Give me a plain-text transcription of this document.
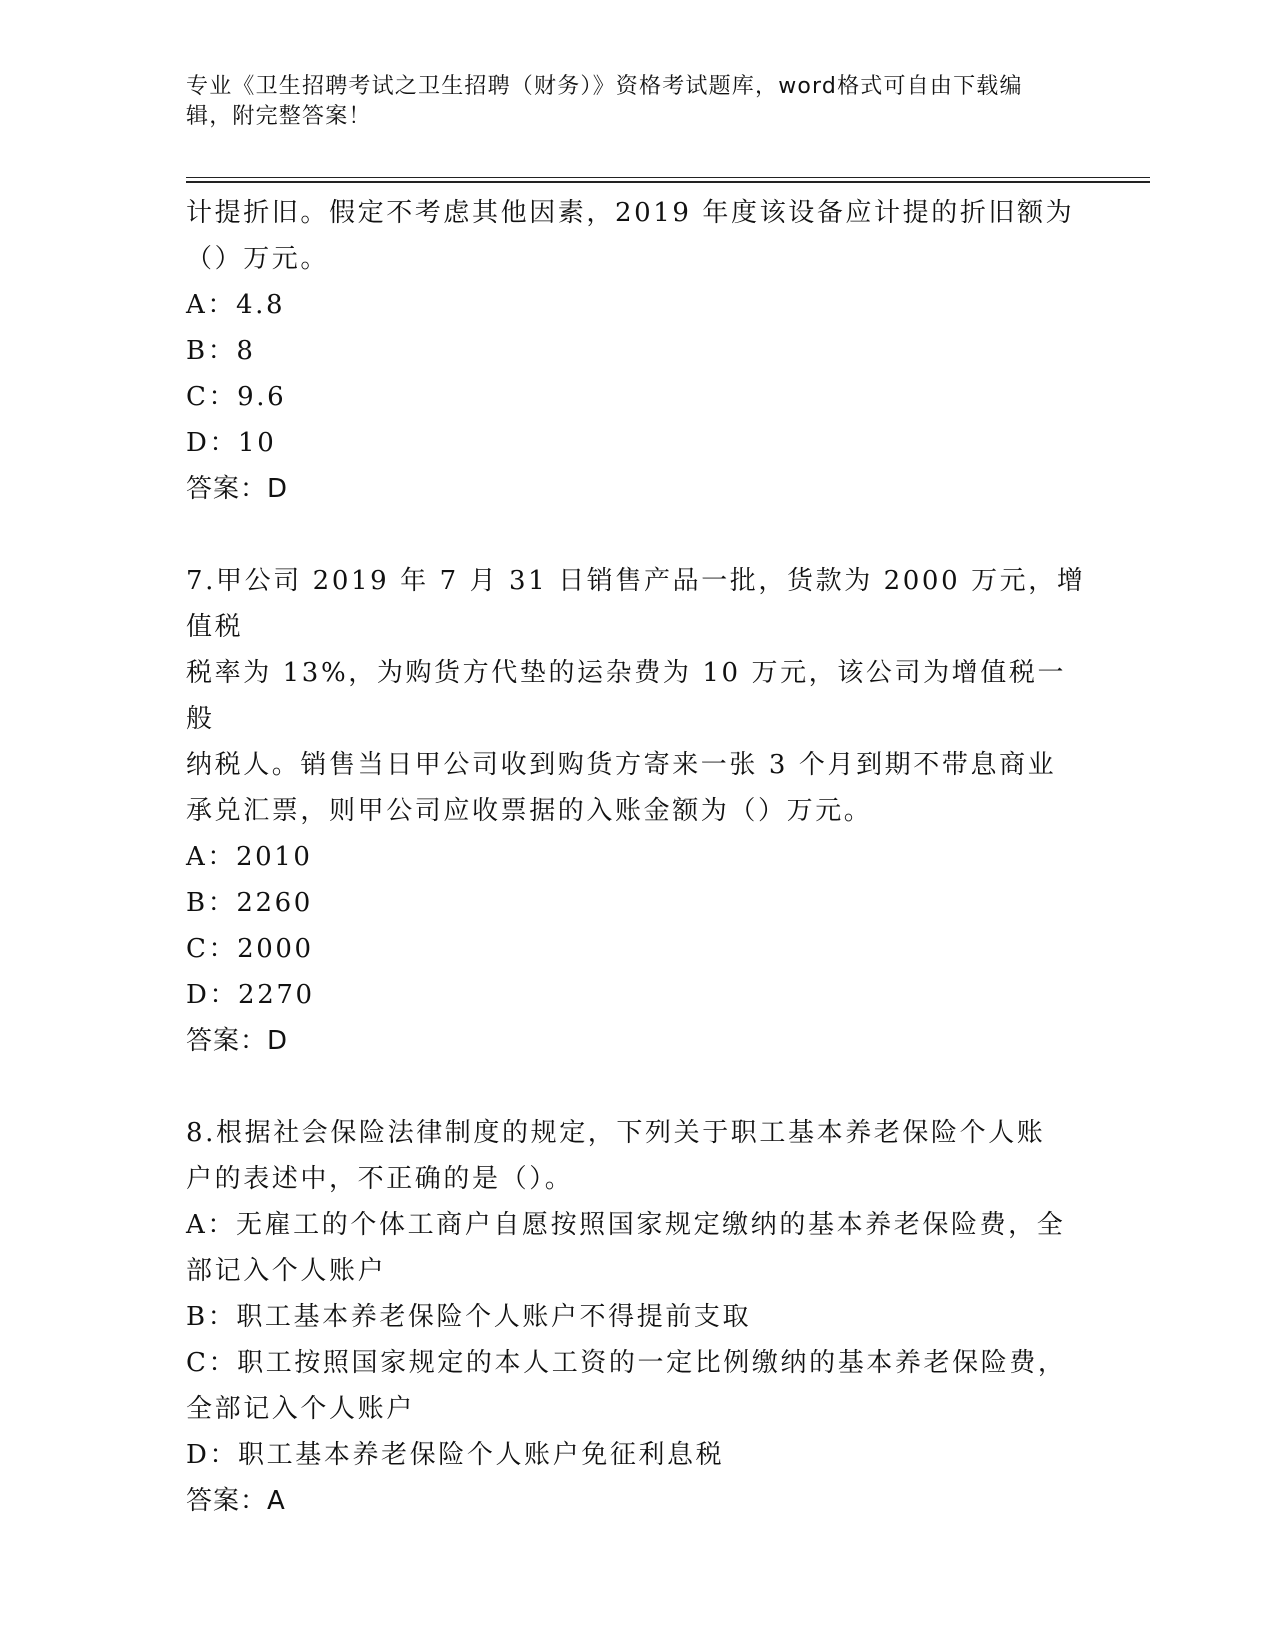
专业《卫生招聘考试之卫生招聘（财务）》资格考试题库，word格式可自由下载编辑，附完整答案！

计提折旧。假定不考虑其他因素，2019 年度该设备应计提的折旧额为

（）万元。

A：4.8

B：8

C：9.6

D：10

答案：D

7.甲公司 2019 年 7 月 31 日销售产品一批，货款为 2000 万元，增值税

税率为 13%，为购货方代垫的运杂费为 10 万元，该公司为增值税一般

纳税人。销售当日甲公司收到购货方寄来一张 3 个月到期不带息商业

承兑汇票，则甲公司应收票据的入账金额为（）万元。

A：2010

B：2260

C：2000

D：2270

答案：D

8.根据社会保险法律制度的规定，下列关于职工基本养老保险个人账

户的表述中，不正确的是（）。

A：无雇工的个体工商户自愿按照国家规定缴纳的基本养老保险费，全

部记入个人账户

B：职工基本养老保险个人账户不得提前支取

C：职工按照国家规定的本人工资的一定比例缴纳的基本养老保险费，

全部记入个人账户

D：职工基本养老保险个人账户免征利息税

答案：A
